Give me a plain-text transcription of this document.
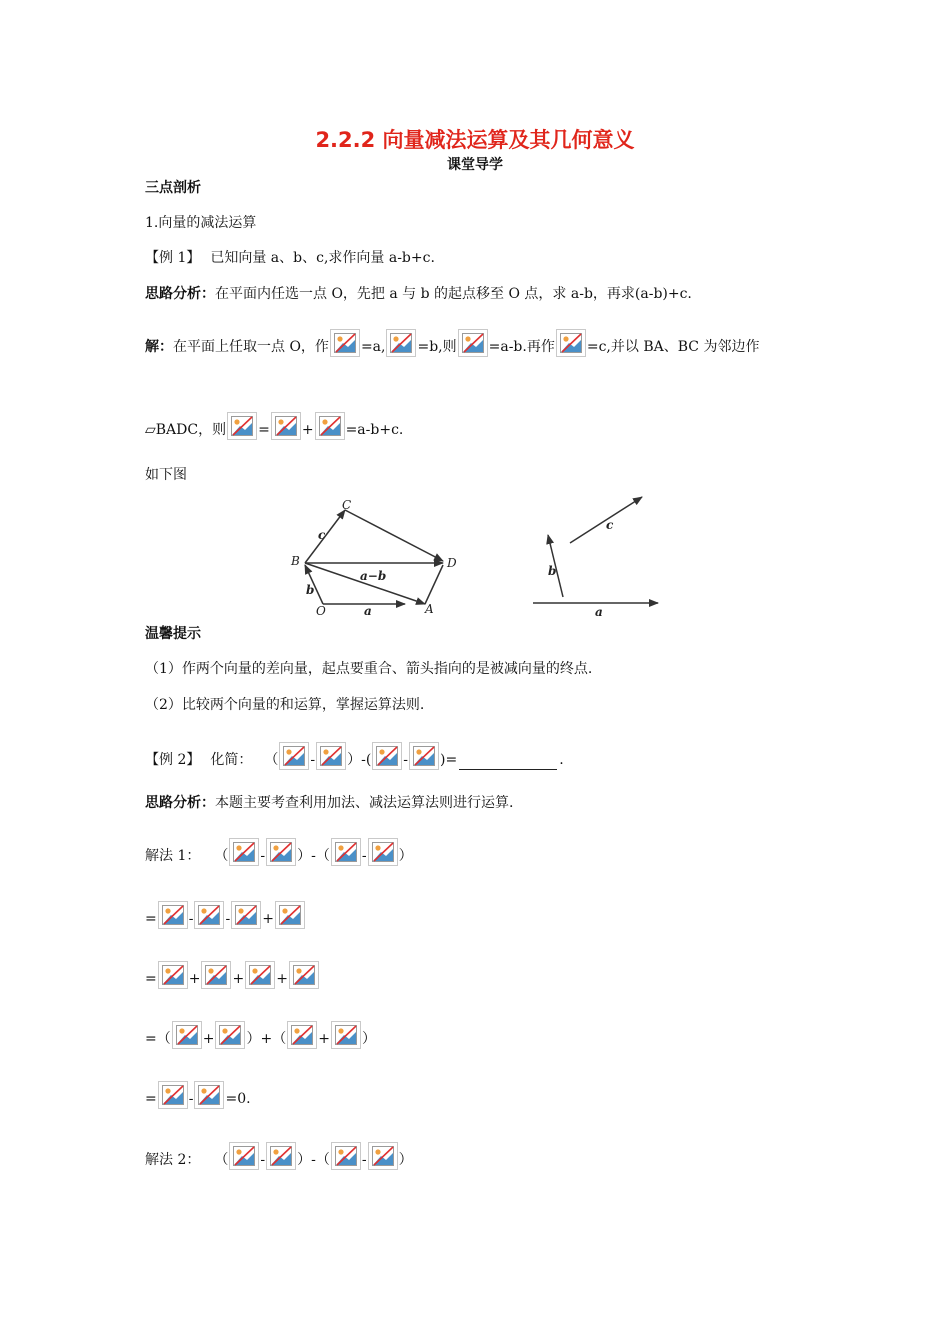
2.2.2 向量减法运算及其几何意义
课堂导学
三点剖析
1.向量的减法运算
【例 1】 已知向量 a、b、c,求作向量 a-b+c.
思路分析： 在平面内任选一点 O，先把 a 与 b 的起点移至 O 点，求 a-b，再求(a-b)+c.
解： 在平面上任取一点 O，作 =a, =b,则 =a-b.再作 =c,并以 BA、BC 为邻边作
▱BADC，则 = + =a-b+c.
如下图
C
B	D
O	A
c
a−b
b
a
c
b
a
温馨提示
（1）作两个向量的差向量，起点要重合、箭头指向的是被减向量的终点.
（2）比较两个向量的和运算，掌握运算法则.
【例 2】 化简： （ - ）-( - )=	.
思路分析： 本题主要考查利用加法、减法运算法则进行运算.
解法 1： （ - ）-（ - ）
= - - +
= + + +
=（ + ）+（ + ）
= - =0.
解法 2： （ - ）-（ - ）
